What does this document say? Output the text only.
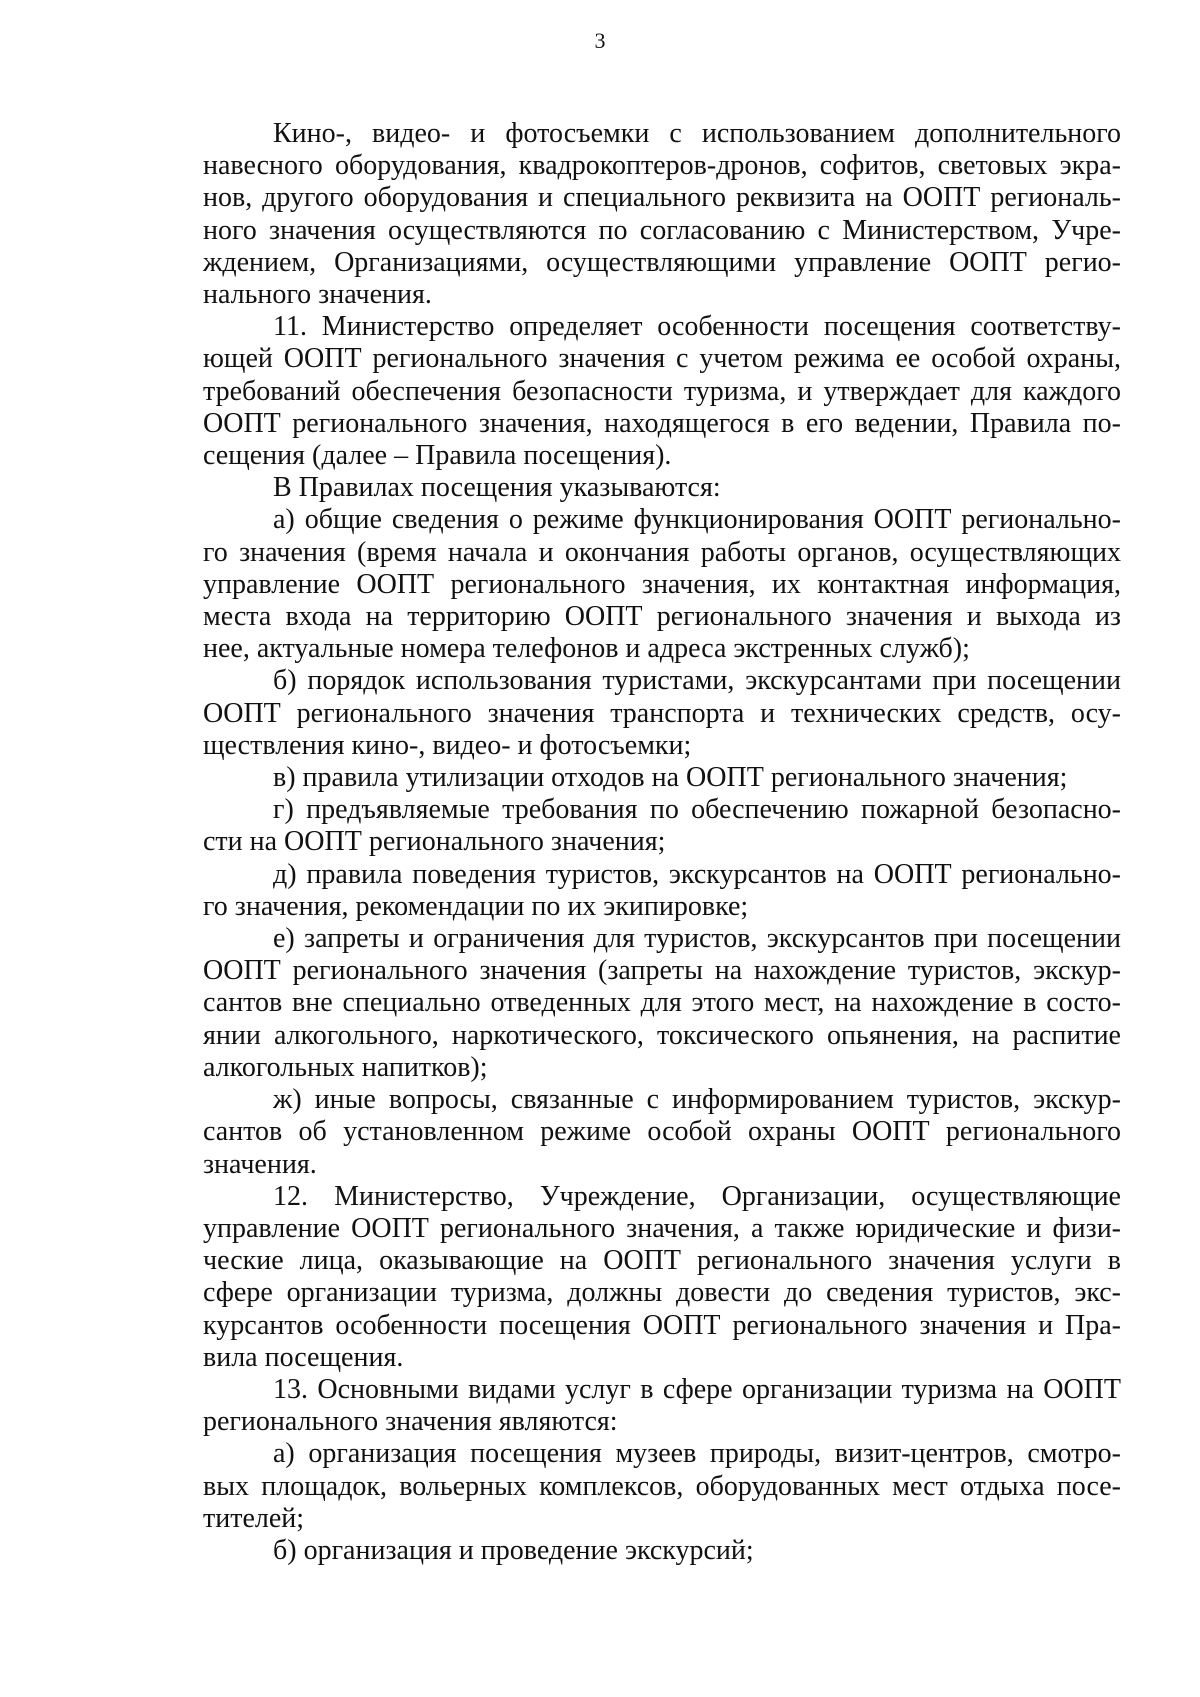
3
Кино-, видео- и фотосъемки с использованием дополнительного
навесного оборудования, квадрокоптеров-дронов, софитов, световых экра-
нов, другого оборудования и специального реквизита на ООПТ региональ-
ного значения осуществляются по согласованию с Министерством, Учре-
ждением, Организациями, осуществляющими управление ООПТ регио-
нального значения.
11. Министерство определяет особенности посещения соответству-
ющей ООПТ регионального значения с учетом режима ее особой охраны,
требований обеспечения безопасности туризма, и утверждает для каждого
ООПТ регионального значения, находящегося в его ведении, Правила по-
сещения (далее – Правила посещения).
В Правилах посещения указываются:
а) общие сведения о режиме функционирования ООПТ регионально-
го значения (время начала и окончания работы органов, осуществляющих
управление ООПТ регионального значения, их контактная информация,
места входа на территорию ООПТ регионального значения и выхода из
нее, актуальные номера телефонов и адреса экстренных служб);
б) порядок использования туристами, экскурсантами при посещении
ООПТ регионального значения транспорта и технических средств, осу-
ществления кино-, видео- и фотосъемки;
в) правила утилизации отходов на ООПТ регионального значения;
г) предъявляемые требования по обеспечению пожарной безопасно-
сти на ООПТ регионального значения;
д) правила поведения туристов, экскурсантов на ООПТ регионально-
го значения, рекомендации по их экипировке;
е) запреты и ограничения для туристов, экскурсантов при посещении
ООПТ регионального значения (запреты на нахождение туристов, экскур-
сантов вне специально отведенных для этого мест, на нахождение в состо-
янии алкогольного, наркотического, токсического опьянения, на распитие
алкогольных напитков);
ж) иные вопросы, связанные с информированием туристов, экскур-
сантов об установленном режиме особой охраны ООПТ регионального
значения.
12. Министерство, Учреждение, Организации, осуществляющие
управление ООПТ регионального значения, а также юридические и физи-
ческие лица, оказывающие на ООПТ регионального значения услуги в
сфере организации туризма, должны довести до сведения туристов, экс-
курсантов особенности посещения ООПТ регионального значения и Пра-
вила посещения.
13. Основными видами услуг в сфере организации туризма на ООПТ
регионального значения являются:
а) организация посещения музеев природы, визит-центров, смотро-
вых площадок, вольерных комплексов, оборудованных мест отдыха посе-
тителей;
б) организация и проведение экскурсий;
